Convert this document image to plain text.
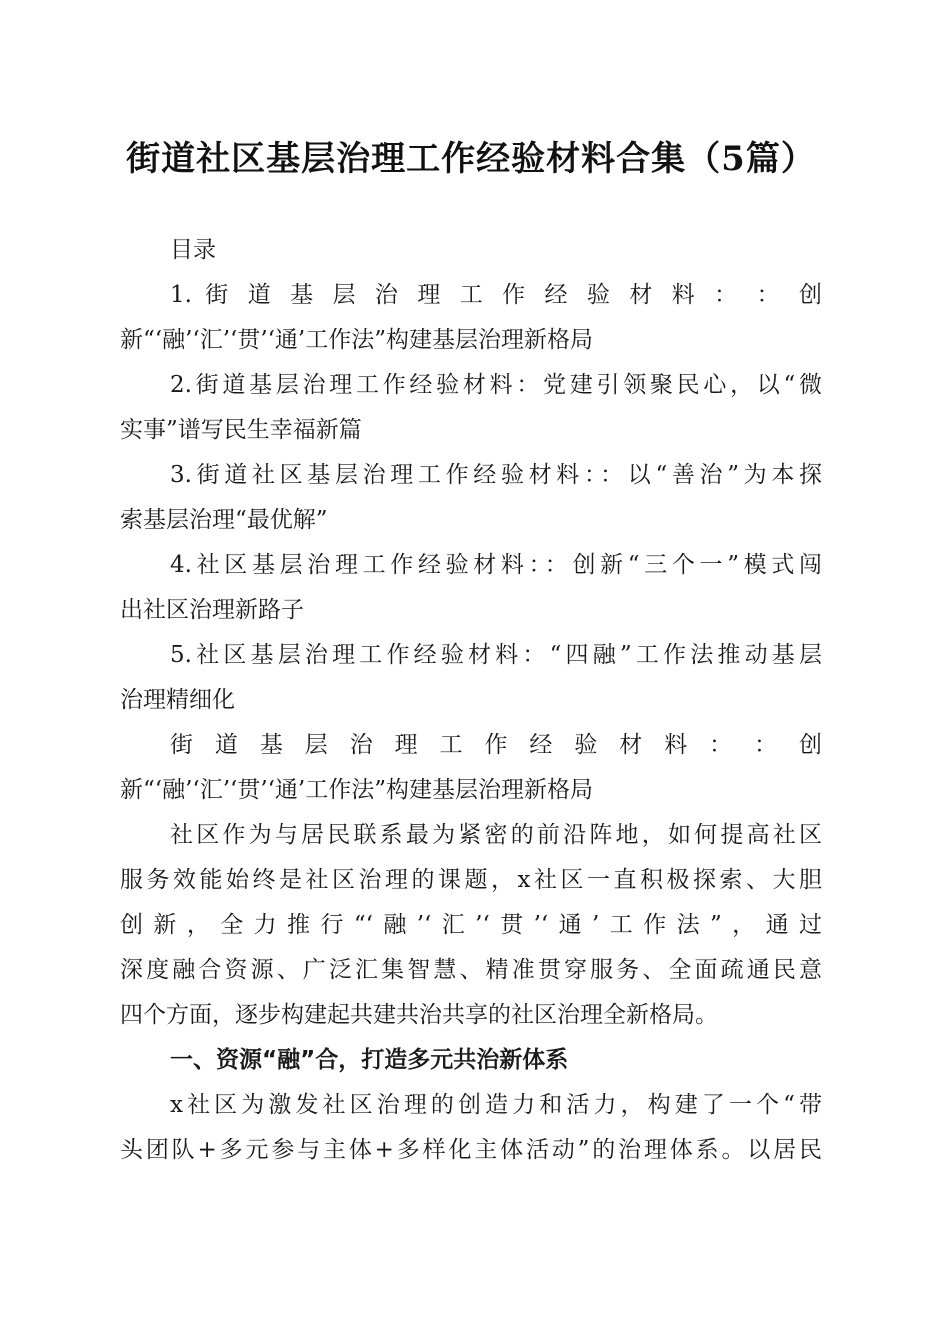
街道社区基层治理工作经验材料合集（5篇）

目录

1. 街 道 基 层 治 理 工 作 经 验 材 料 ： ： 创
新“‘融’‘汇’‘贯’‘通’工作法”构建基层治理新格局
2.街道基层治理工作经验材料：党建引领聚民心，以“微
实事”谱写民生幸福新篇
3.街道社区基层治理工作经验材料：：以“善治”为本探
索基层治理“最优解”
4.社区基层治理工作经验材料：：创新“三个一”模式闯
出社区治理新路子
5.社区基层治理工作经验材料：“四融”工作法推动基层
治理精细化
街 道 基 层 治 理 工 作 经 验 材 料 ： ： 创
新“‘融’‘汇’‘贯’‘通’工作法”构建基层治理新格局
社区作为与居民联系最为紧密的前沿阵地，如何提高社区
服务效能始终是社区治理的课题，x社区一直积极探索、大胆
创新，全力推行“‘融’‘汇’‘贯’‘通’工作法”，通过
深度融合资源、广泛汇集智慧、精准贯穿服务、全面疏通民意
四个方面，逐步构建起共建共治共享的社区治理全新格局。

一、资源“融”合，打造多元共治新体系

x社区为激发社区治理的创造力和活力，构建了一个“带
头团队+多元参与主体+多样化主体活动”的治理体系。以居民
